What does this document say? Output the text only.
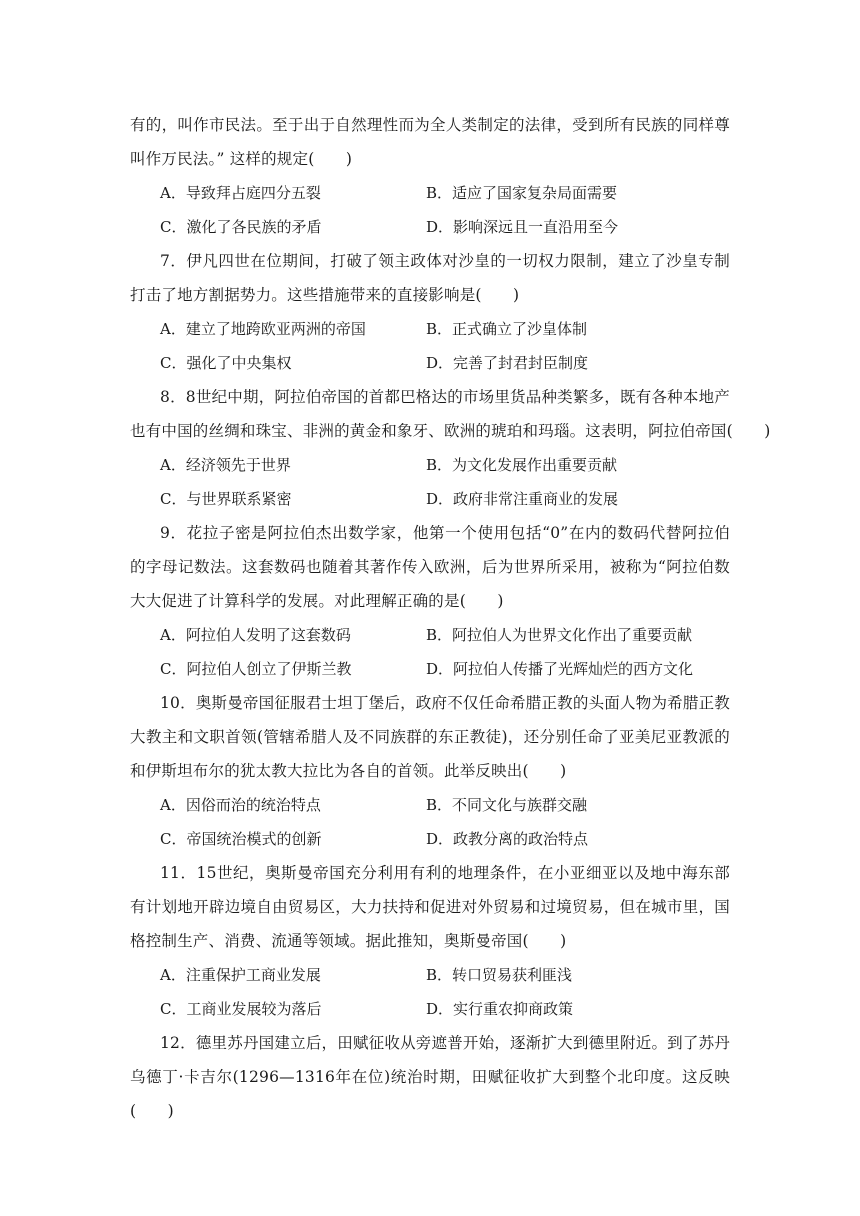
有的，叫作市民法。至于出于自然理性而为全人类制定的法律，受到所有民族的同样尊
叫作万民法。” 这样的规定(　　)
A．导致拜占庭四分五裂	B．适应了国家复杂局面需要
C．激化了各民族的矛盾	D．影响深远且一直沿用至今
7．伊凡四世在位期间，打破了领主政体对沙皇的一切权力限制，建立了沙皇专制
打击了地方割据势力。这些措施带来的直接影响是(　　)
A．建立了地跨欧亚两洲的帝国	B．正式确立了沙皇体制
C．强化了中央集权	D．完善了封君封臣制度
8．8世纪中期，阿拉伯帝国的首都巴格达的市场里货品种类繁多，既有各种本地产
也有中国的丝绸和珠宝、非洲的黄金和象牙、欧洲的琥珀和玛瑙。这表明，阿拉伯帝国(　　)
A．经济领先于世界	B．为文化发展作出重要贡献
C．与世界联系紧密	D．政府非常注重商业的发展
9．花拉子密是阿拉伯杰出数学家，他第一个使用包括“0”在内的数码代替阿拉伯
的字母记数法。这套数码也随着其著作传入欧洲，后为世界所采用，被称为“阿拉伯数
大大促进了计算科学的发展。对此理解正确的是(　　)
A．阿拉伯人发明了这套数码	B．阿拉伯人为世界文化作出了重要贡献
C．阿拉伯人创立了伊斯兰教	D．阿拉伯人传播了光辉灿烂的西方文化
10．奥斯曼帝国征服君士坦丁堡后，政府不仅任命希腊正教的头面人物为希腊正教
大教主和文职首领(管辖希腊人及不同族群的东正教徒)，还分别任命了亚美尼亚教派的
和伊斯坦布尔的犹太教大拉比为各自的首领。此举反映出(　　)
A．因俗而治的统治特点	B．不同文化与族群交融
C．帝国统治模式的创新	D．政教分离的政治特点
11．15世纪，奥斯曼帝国充分利用有利的地理条件，在小亚细亚以及地中海东部
有计划地开辟边境自由贸易区，大力扶持和促进对外贸易和过境贸易，但在城市里，国
格控制生产、消费、流通等领域。据此推知，奥斯曼帝国(　　)
A．注重保护工商业发展	B．转口贸易获利匪浅
C．工商业发展较为落后	D．实行重农抑商政策
12．德里苏丹国建立后，田赋征收从旁遮普开始，逐渐扩大到德里附近。到了苏丹
乌德丁·卡吉尔(1296—1316年在位)统治时期，田赋征收扩大到整个北印度。这反映
(　　)
